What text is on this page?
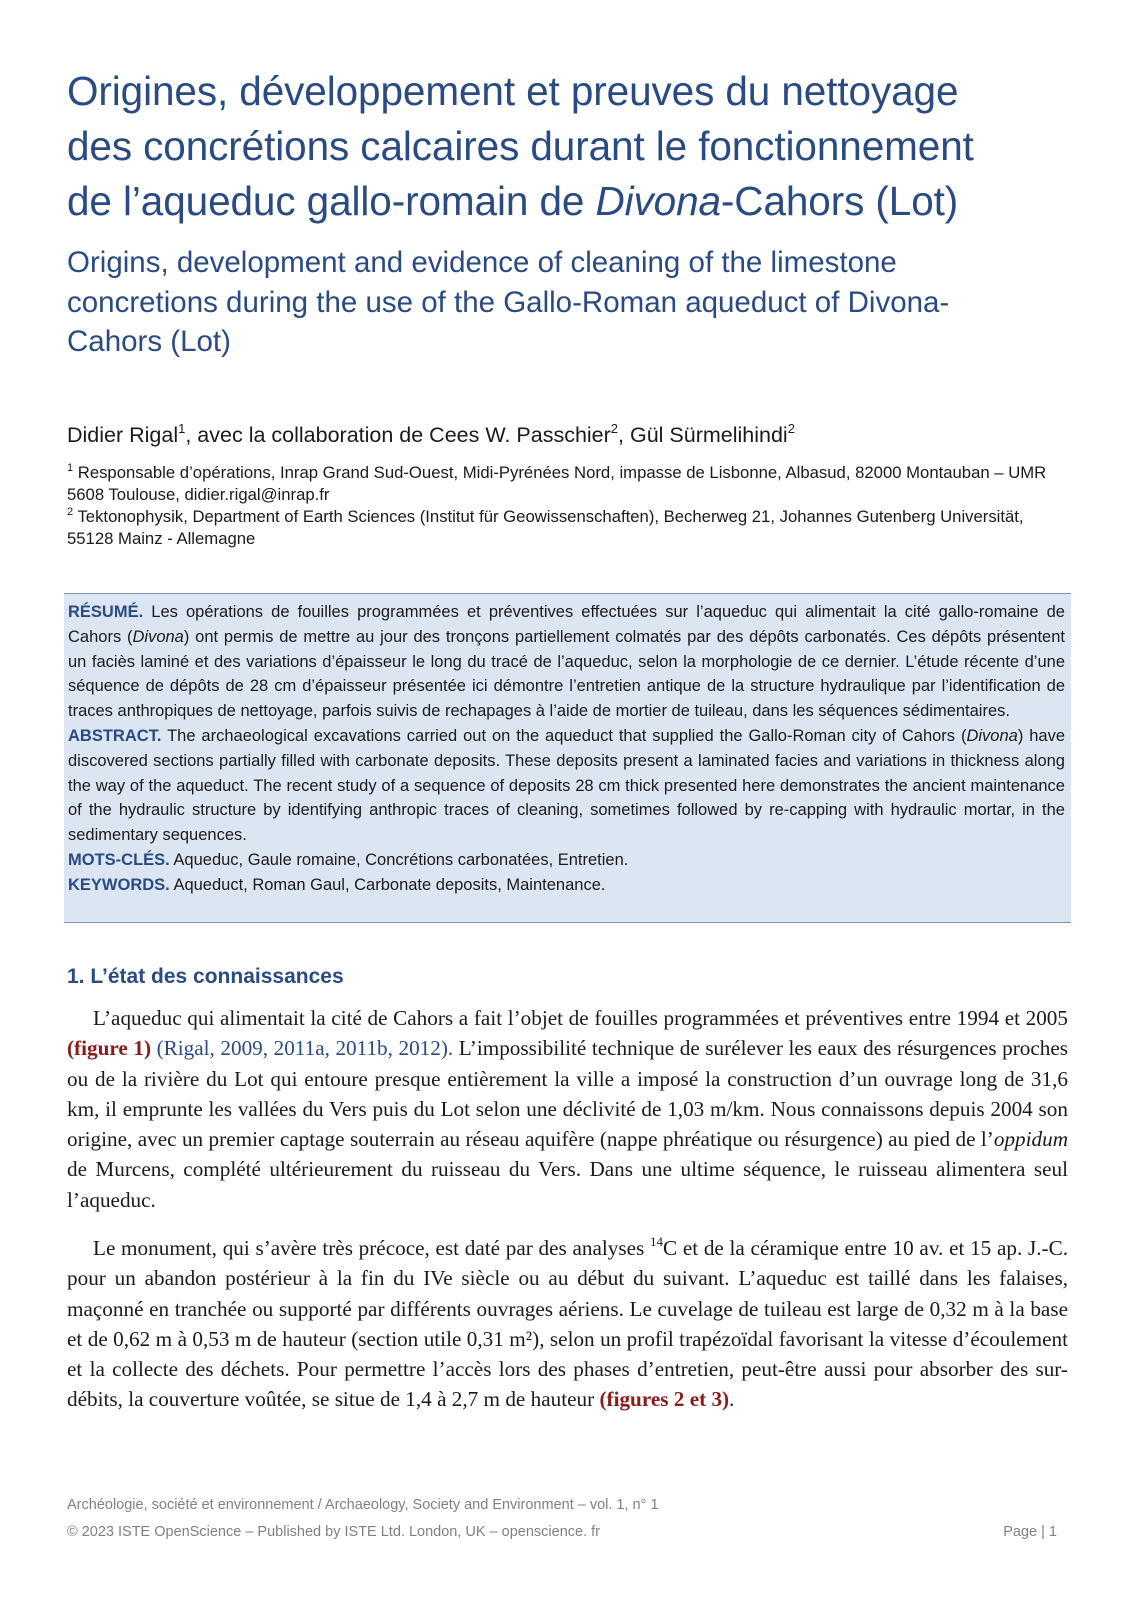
Origines, développement et preuves du nettoyage
des concrétions calcaires durant le fonctionnement
de l’aqueduc gallo-romain de Divona-Cahors (Lot)
Origins, development and evidence of cleaning of the limestone
concretions during the use of the Gallo-Roman aqueduct of Divona-
Cahors (Lot)
Didier Rigal$^1$, avec la collaboration de Cees W. Passchier$^2$, Gül Sürmelihindi$^2$
$^1$ Responsable d’opérations, Inrap Grand Sud-Ouest, Midi-Pyrénées Nord, impasse de Lisbonne, Albasud, 82000 Montauban – UMR 5608 Toulouse, didier.rigal@inrap.fr
$^2$ Tektonophysik, Department of Earth Sciences (Institut für Geowissenschaften), Becherweg 21, Johannes Gutenberg Universität, 55128 Mainz - Allemagne

RÉSUMÉ. Les opérations de fouilles programmées et préventives effectuées sur l’aqueduc qui alimentait la cité gallo-romaine de Cahors (Divona) ont permis de mettre au jour des tronçons partiellement colmatés par des dépôts carbonatés. Ces dépôts présentent un faciès laminé et des variations d’épaisseur le long du tracé de l’aqueduc, selon la morphologie de ce dernier. L’étude récente d’une séquence de dépôts de 28 cm d’épaisseur présentée ici démontre l’entretien antique de la structure hydraulique par l’identification de traces anthropiques de nettoyage, parfois suivis de rechapages à l’aide de mortier de tuileau, dans les séquences sédimentaires.

ABSTRACT. The archaeological excavations carried out on the aqueduct that supplied the Gallo-Roman city of Cahors (Divona) have discovered sections partially filled with carbonate deposits. These deposits present a laminated facies and variations in thickness along the way of the aqueduct. The recent study of a sequence of deposits 28 cm thick presented here demonstrates the ancient maintenance of the hydraulic structure by identifying anthropic traces of cleaning, sometimes followed by re-capping with hydraulic mortar, in the sedimentary sequences.

MOTS-CLÉS. Aqueduc, Gaule romaine, Concrétions carbonatées, Entretien.

KEYWORDS. Aqueduct, Roman Gaul, Carbonate deposits, Maintenance.

1. L’état des connaissances

L’aqueduc qui alimentait la cité de Cahors a fait l’objet de fouilles programmées et préventives entre 1994 et 2005 (figure 1) (Rigal, 2009, 2011a, 2011b, 2012). L’impossibilité technique de surélever les eaux des résurgences proches ou de la rivière du Lot qui entoure presque entièrement la ville a imposé la construction d’un ouvrage long de 31,6 km, il emprunte les vallées du Vers puis du Lot selon une déclivité de 1,03 m/km. Nous connaissons depuis 2004 son origine, avec un premier captage souterrain au réseau aquifère (nappe phréatique ou résurgence) au pied de l’oppidum de Murcens, complété ultérieurement du ruisseau du Vers. Dans une ultime séquence, le ruisseau alimentera seul l’aqueduc.

Le monument, qui s’avère très précoce, est daté par des analyses $^{14}$C et de la céramique entre 10 av. et 15 ap. J.-C. pour un abandon postérieur à la fin du IVe siècle ou au début du suivant. L’aqueduc est taillé dans les falaises, maçonné en tranchée ou supporté par différents ouvrages aériens. Le cuvelage de tuileau est large de 0,32 m à la base et de 0,62 m à 0,53 m de hauteur (section utile 0,31 m²), selon un profil trapézoïdal favorisant la vitesse d’écoulement et la collecte des déchets. Pour permettre l’accès lors des phases d’entretien, peut-être aussi pour absorber des sur-débits, la couverture voûtée, se situe de 1,4 à 2,7 m de hauteur (figures 2 et 3).

Archéologie, société et environnement / Archaeology, Society and Environment – vol. 1, n° 1
© 2023 ISTE OpenScience – Published by ISTE Ltd. London, UK – openscience. fr	Page | 1
